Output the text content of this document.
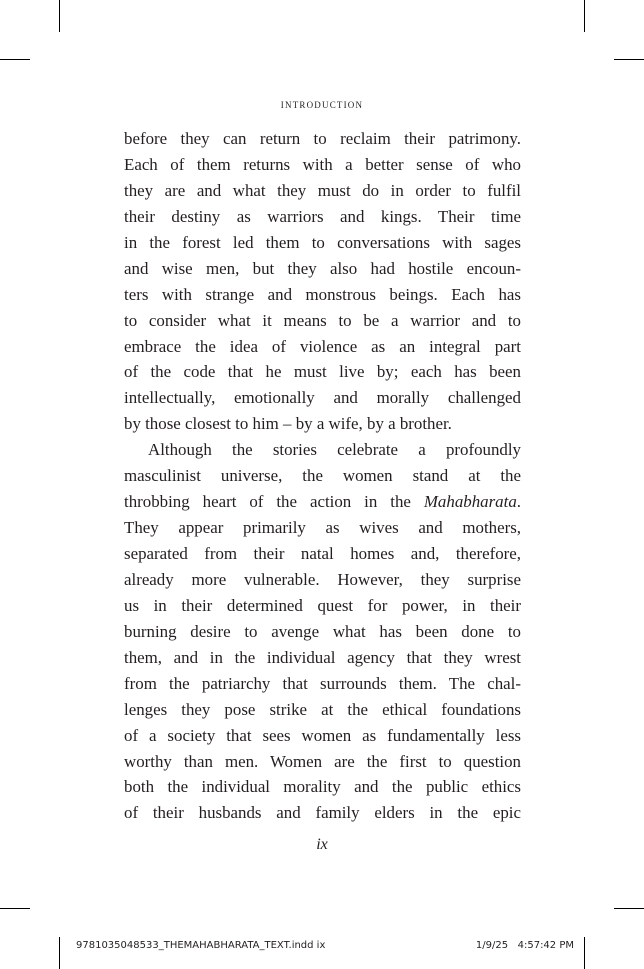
introduction
before they can return to reclaim their patrimony.
Each of them returns with a better sense of who
they are and what they must do in order to fulfil
their destiny as warriors and kings. Their time
in the forest led them to conversations with sages
and wise men, but they also had hostile encoun-
ters with strange and monstrous beings. Each has
to consider what it means to be a warrior and to
embrace the idea of violence as an integral part
of the code that he must live by; each has been
intellectually, emotionally and morally challenged
by those closest to him – by a wife, by a brother.
Although the stories celebrate a profoundly
masculinist universe, the women stand at the
throbbing heart of the action in the Mahabharata.
They appear primarily as wives and mothers,
separated from their natal homes and, therefore,
already more vulnerable. However, they surprise
us in their determined quest for power, in their
burning desire to avenge what has been done to
them, and in the individual agency that they wrest
from the patriarchy that surrounds them. The chal-
lenges they pose strike at the ethical foundations
of a society that sees women as fundamentally less
worthy than men. Women are the first to question
both the individual morality and the public ethics
of their husbands and family elders in the epic
ix
9781035048533_THEMAHABHARATA_TEXT.indd ix	1/9/25 4:57:42 PM
